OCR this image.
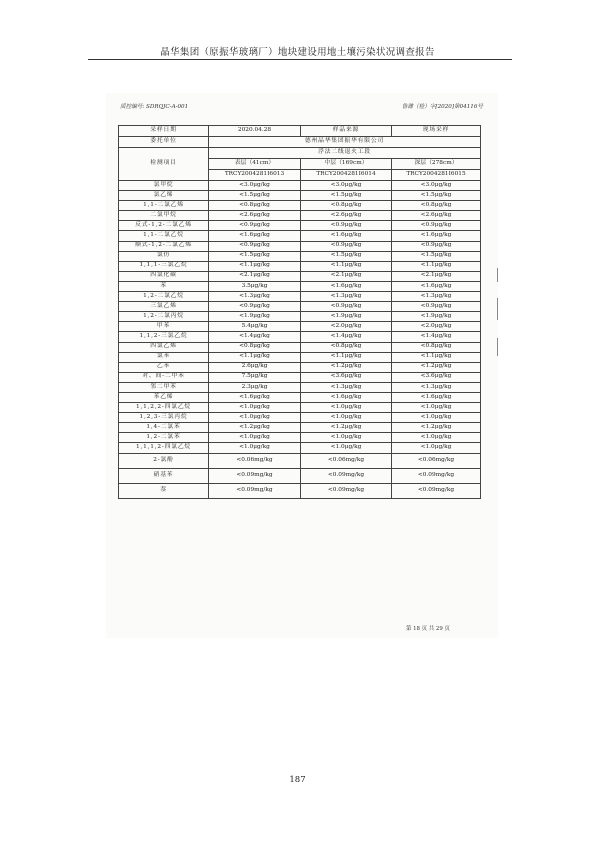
晶华集团（原振华玻璃厂）地块建设用地土壤污染状况调查报告
质控编号: SDRQJC-A-001	鲁潍（检）字[2020]第04116号
采样日期	2020.04.28	样品来源	现场采样
委托单位	德州晶华集团振华有限公司		
检测项目	浮法二线退火工段		
	表层（41cm）	中层（169cm）	深层（278cm）
	TRCY2004281I6013	TRCY2004281I6014	TRCY2004281I6015
氯甲烷	<3.0μg/kg	<3.0μg/kg	<3.0μg/kg
氯乙烯	<1.5μg/kg	<1.5μg/kg	<1.5μg/kg
1,1-二氯乙烯	<0.8μg/kg	<0.8μg/kg	<0.8μg/kg
二氯甲烷	<2.6μg/kg	<2.6μg/kg	<2.6μg/kg
反式-1,2-二氯乙烯	<0.9μg/kg	<0.9μg/kg	<0.9μg/kg
1,1-二氯乙烷	<1.6μg/kg	<1.6μg/kg	<1.6μg/kg
顺式-1,2-二氯乙烯	<0.9μg/kg	<0.9μg/kg	<0.9μg/kg
氯仿	<1.5μg/kg	<1.5μg/kg	<1.5μg/kg
1,1,1-三氯乙烷	<1.1μg/kg	<1.1μg/kg	<1.1μg/kg
四氯化碳	<2.1μg/kg	<2.1μg/kg	<2.1μg/kg
苯	3.5μg/kg	<1.6μg/kg	<1.6μg/kg
1,2-二氯乙烷	<1.3μg/kg	<1.3μg/kg	<1.3μg/kg
三氯乙烯	<0.9μg/kg	<0.9μg/kg	<0.9μg/kg
1,2-二氯丙烷	<1.9μg/kg	<1.9μg/kg	<1.9μg/kg
甲苯	5.4μg/kg	<2.0μg/kg	<2.0μg/kg
1,1,2-三氯乙烷	<1.4μg/kg	<1.4μg/kg	<1.4μg/kg
四氯乙烯	<0.8μg/kg	<0.8μg/kg	<0.8μg/kg
氯苯	<1.1μg/kg	<1.1μg/kg	<1.1μg/kg
乙苯	2.6μg/kg	<1.2μg/kg	<1.2μg/kg
对、间-二甲苯	7.5μg/kg	<3.6μg/kg	<3.6μg/kg
邻二甲苯	2.3μg/kg	<1.3μg/kg	<1.3μg/kg
苯乙烯	<1.6μg/kg	<1.6μg/kg	<1.6μg/kg
1,1,2,2-四氯乙烷	<1.0μg/kg	<1.0μg/kg	<1.0μg/kg
1,2,3-三氯丙烷	<1.0μg/kg	<1.0μg/kg	<1.0μg/kg
1,4-二氯苯	<1.2μg/kg	<1.2μg/kg	<1.2μg/kg
1,2-二氯苯	<1.0μg/kg	<1.0μg/kg	<1.0μg/kg
1,1,1,2-四氯乙烷	<1.0μg/kg	<1.0μg/kg	<1.0μg/kg
2-氯酚	<0.06mg/kg	<0.06mg/kg	<0.06mg/kg
硝基苯	<0.09mg/kg	<0.09mg/kg	<0.09mg/kg
萘	<0.09mg/kg	<0.09mg/kg	<0.09mg/kg
第 18 页 共 29 页
187
